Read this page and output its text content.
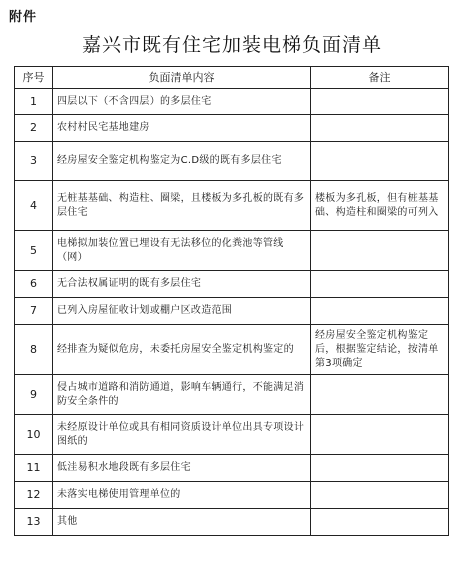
附件
嘉兴市既有住宅加装电梯负面清单
序号	负面清单内容	备注
1	四层以下（不含四层）的多层住宅	
2	农村村民宅基地建房	
3	经房屋安全鉴定机构鉴定为C.D级的既有多层住宅	
4	无桩基基础、构造柱、圈梁，且楼板为多孔板的既有多层住宅	楼板为多孔板，但有桩基基础、构造柱和圈梁的可列入
5	电梯拟加装位置已埋设有无法移位的化粪池等管线（网）	
6	无合法权属证明的既有多层住宅	
7	已列入房屋征收计划或棚户区改造范围	
8	经排查为疑似危房，未委托房屋安全鉴定机构鉴定的	经房屋安全鉴定机构鉴定后，根据鉴定结论，按清单第3项确定
9	侵占城市道路和消防通道，影响车辆通行，不能满足消防安全条件的	
10	未经原设计单位或具有相同资质设计单位出具专项设计图纸的	
11	低洼易积水地段既有多层住宅	
12	未落实电梯使用管理单位的	
13	其他	
